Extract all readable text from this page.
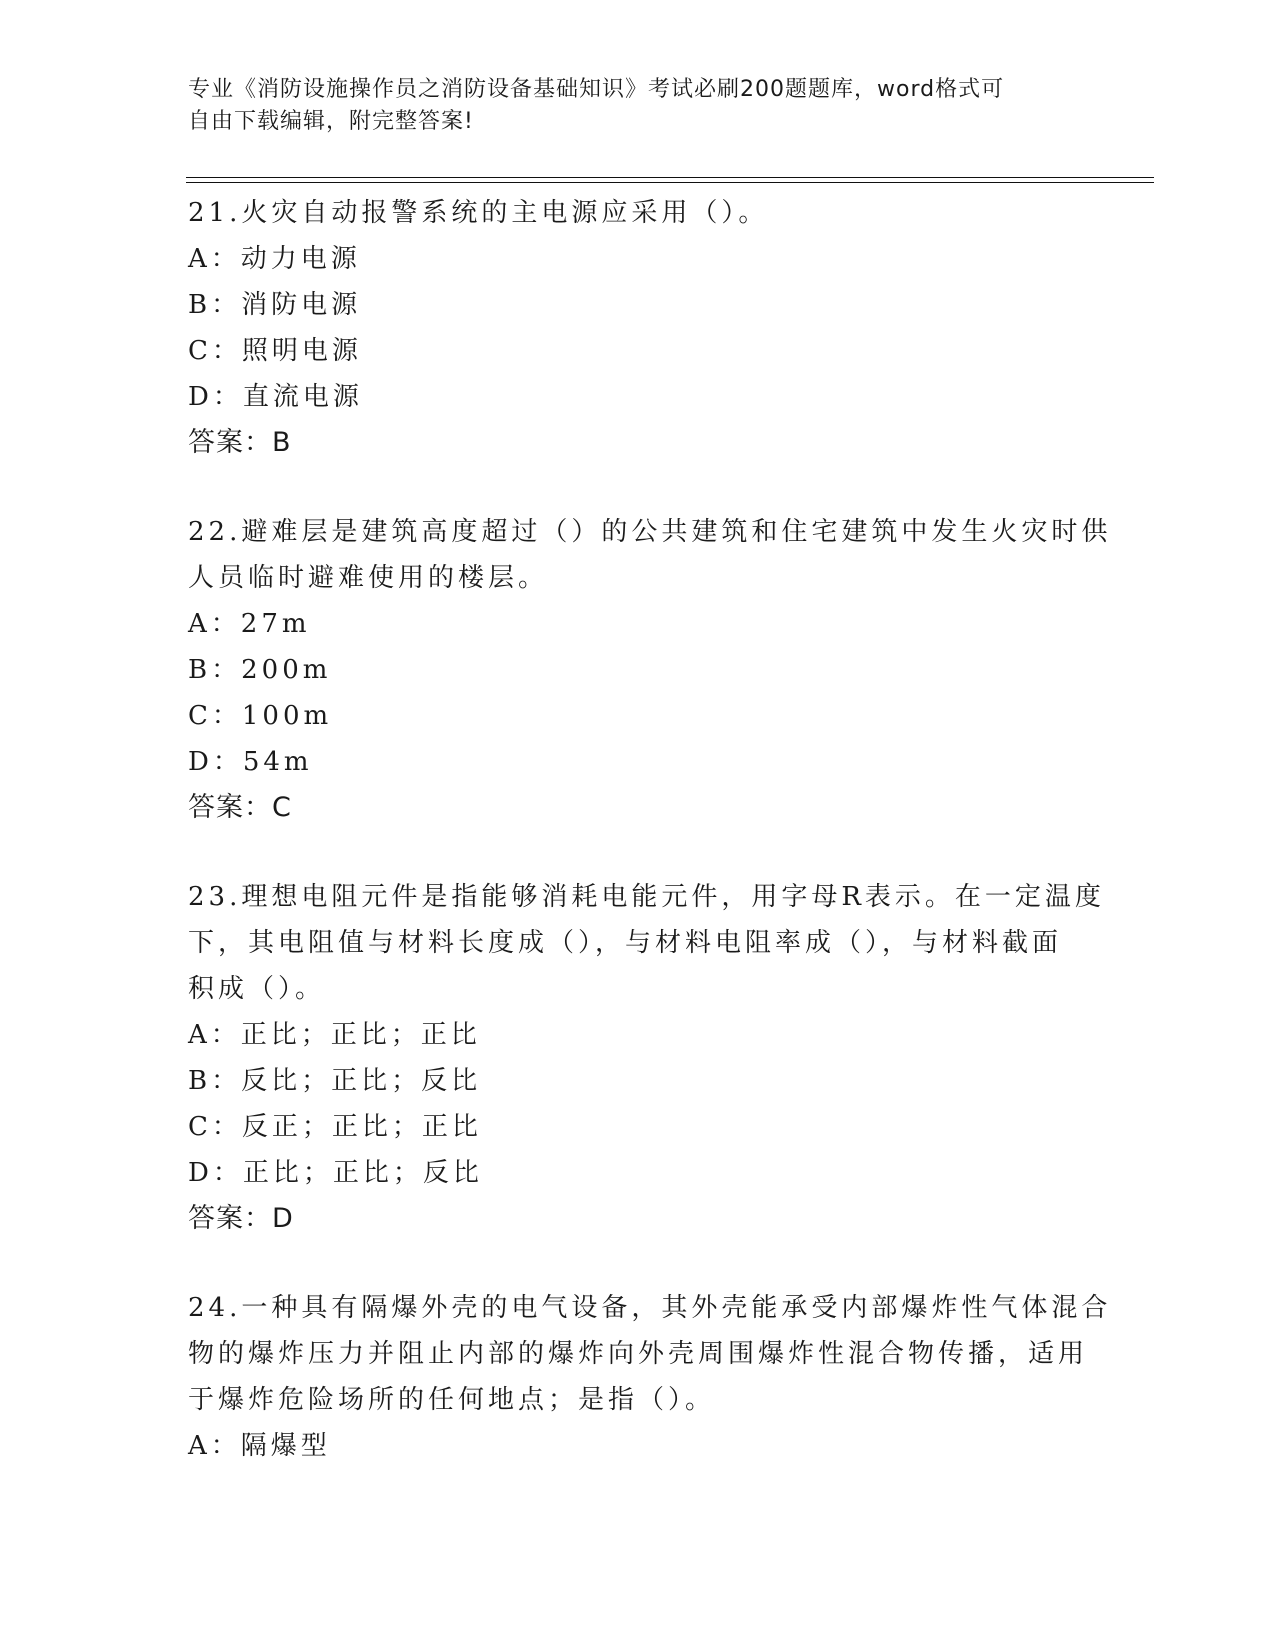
专业《消防设施操作员之消防设备基础知识》考试必刷200题题库，word格式可
自由下载编辑，附完整答案!
21.火灾自动报警系统的主电源应采用（）。
A：动力电源
B：消防电源
C：照明电源
D：直流电源
答案：B
22.避难层是建筑高度超过（）的公共建筑和住宅建筑中发生火灾时供
人员临时避难使用的楼层。
A：27m
B：200m
C：100m
D：54m
答案：C
23.理想电阻元件是指能够消耗电能元件，用字母R表示。在一定温度
下，其电阻值与材料长度成（），与材料电阻率成（），与材料截面
积成（）。
A：正比；正比；正比
B：反比；正比；反比
C：反正；正比；正比
D：正比；正比；反比
答案：D
24.一种具有隔爆外壳的电气设备，其外壳能承受内部爆炸性气体混合
物的爆炸压力并阻止内部的爆炸向外壳周围爆炸性混合物传播，适用
于爆炸危险场所的任何地点；是指（）。
A：隔爆型
